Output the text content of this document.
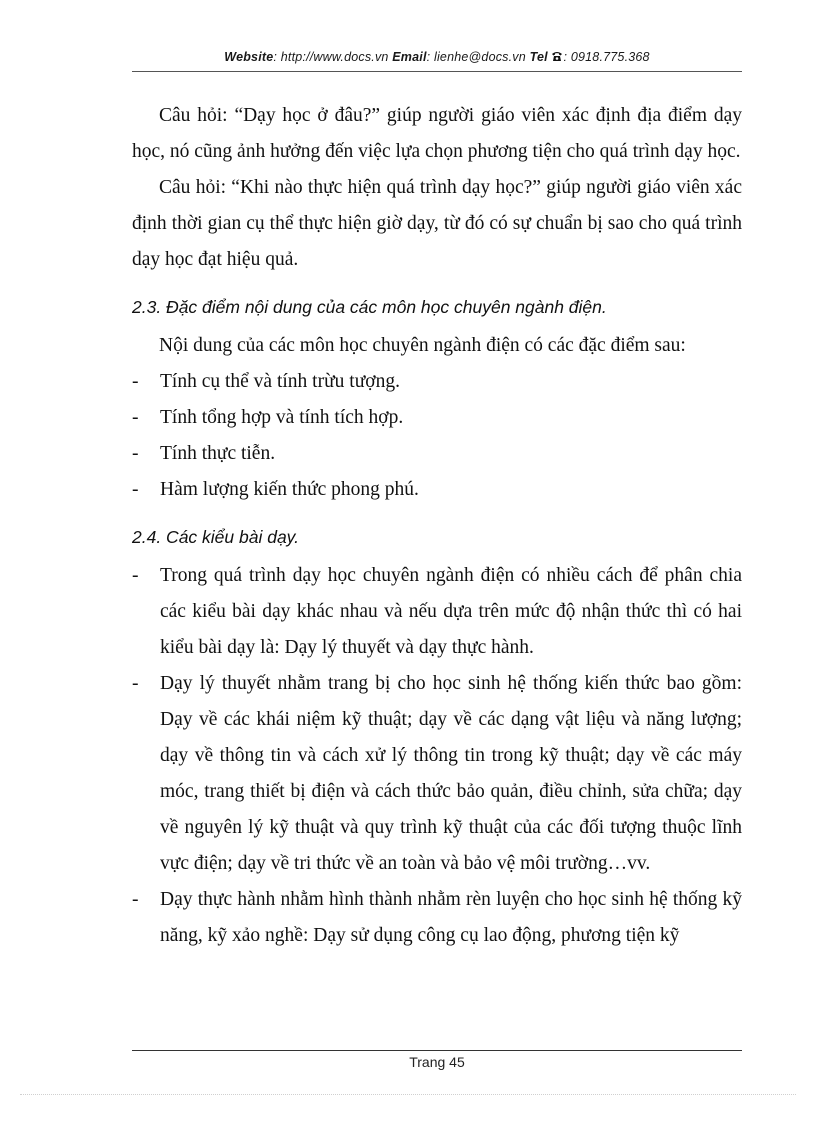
Website: http://www.docs.vn Email: lienhe@docs.vn Tel : 0918.775.368

Câu hỏi: “Dạy học ở đâu?” giúp người giáo viên xác định địa điểm dạy học, nó cũng ảnh hưởng đến việc lựa chọn phương tiện cho quá trình dạy học.

Câu hỏi: “Khi nào thực hiện quá trình dạy học?” giúp người giáo viên xác định thời gian cụ thể thực hiện giờ dạy, từ đó có sự chuẩn bị sao cho quá trình dạy học đạt hiệu quả.

2.3. Đặc điểm nội dung của các môn học chuyên ngành điện.

Nội dung của các môn học chuyên ngành điện có các đặc điểm sau:

- Tính cụ thể và tính trừu tượng.
- Tính tổng hợp và tính tích hợp.
- Tính thực tiễn.
- Hàm lượng kiến thức phong phú.
2.4. Các kiểu bài dạy.
- Trong quá trình dạy học chuyên ngành điện có nhiều cách để phân chia các kiểu bài dạy khác nhau và nếu dựa trên mức độ nhận thức thì có hai kiểu bài dạy là: Dạy lý thuyết và dạy thực hành.
- Dạy lý thuyết nhằm trang bị cho học sinh hệ thống kiến thức bao gồm: Dạy về các khái niệm kỹ thuật; dạy về các dạng vật liệu và năng lượng; dạy về thông tin và cách xử lý thông tin trong kỹ thuật; dạy về các máy móc, trang thiết bị điện và cách thức bảo quản, điều chỉnh, sửa chữa; dạy về nguyên lý kỹ thuật và quy trình kỹ thuật của các đối tượng thuộc lĩnh vực điện; dạy về tri thức về an toàn và bảo vệ môi trường…vv.
- Dạy thực hành nhằm hình thành nhằm rèn luyện cho học sinh hệ thống kỹ năng, kỹ xảo nghề: Dạy sử dụng công cụ lao động, phương tiện kỹ
Trang 45
